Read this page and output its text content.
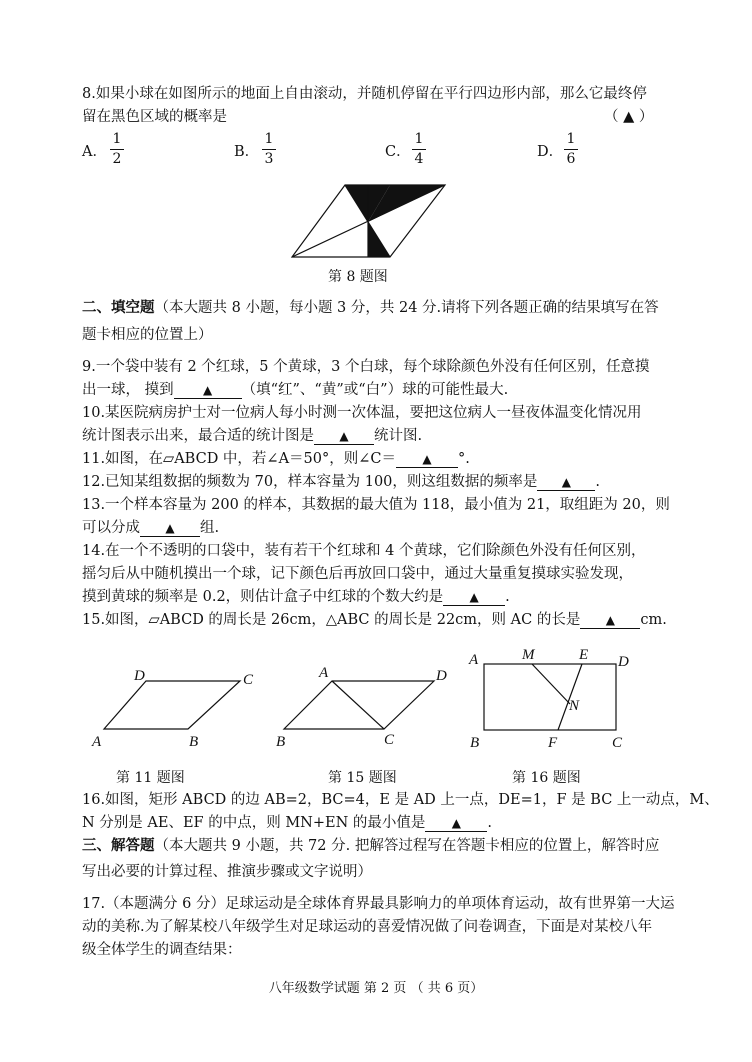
8.如果小球在如图所示的地面上自由滚动，并随机停留在平行四边形内部，那么它最终停
留在黑色区域的概率是	（ ▲ ）
A．
1
2	B．
1
3	C．
1
4	D．
1
6
第 8 题图
二、填空题（本大题共 8 小题，每小题 3 分，共 24 分.请将下列各题正确的结果填写在答
题卡相应的位置上）
9.一个袋中装有 2 个红球，5 个黄球，3 个白球，每个球除颜色外没有任何区别，任意摸
出一球， 摸到 ▲ （填“红”、“黄”或“白”）球的可能性最大.
10.某医院病房护士对一位病人每小时测一次体温，要把这位病人一昼夜体温变化情况用
统计图表示出来，最合适的统计图是 ▲ 统计图.
11.如图，在▱ABCD 中，若∠A＝50°，则∠C＝ ▲ °.
12.已知某组数据的频数为 70，样本容量为 100，则这组数据的频率是 ▲ .
13.一个样本容量为 200 的样本，其数据的最大值为 118，最小值为 21，取组距为 20，则
可以分成 ▲ 组.
14.在一个不透明的口袋中，装有若干个红球和 4 个黄球，它们除颜色外没有任何区别，
摇匀后从中随机摸出一个球，记下颜色后再放回口袋中，通过大量重复摸球实验发现，
摸到黄球的频率是 0.2，则估计盒子中红球的个数大约是 ▲ .
15.如图，▱ABCD 的周长是 26cm，△ABC 的周长是 22cm，则 AC 的长是 ▲ cm.
D	C
A	B
A	D
B	C
A	M	E D
N
B	F	C
第 11 题图	第 15 题图	第 16 题图
16.如图，矩形 ABCD 的边 AB=2，BC=4，E 是 AD 上一点，DE=1，F 是 BC 上一动点，M、
N 分别是 AE、EF 的中点，则 MN+EN 的最小值是 ▲ .
三、解答题（本大题共 9 小题，共 72 分. 把解答过程写在答题卡相应的位置上，解答时应
写出必要的计算过程、推演步骤或文字说明）
17.（本题满分 6 分）足球运动是全球体育界最具影响力的单项体育运动，故有世界第一大运
动的美称.为了解某校八年级学生对足球运动的喜爱情况做了问卷调查，下面是对某校八年
级全体学生的调查结果：
八年级数学试题 第 2 页 （ 共 6 页）
